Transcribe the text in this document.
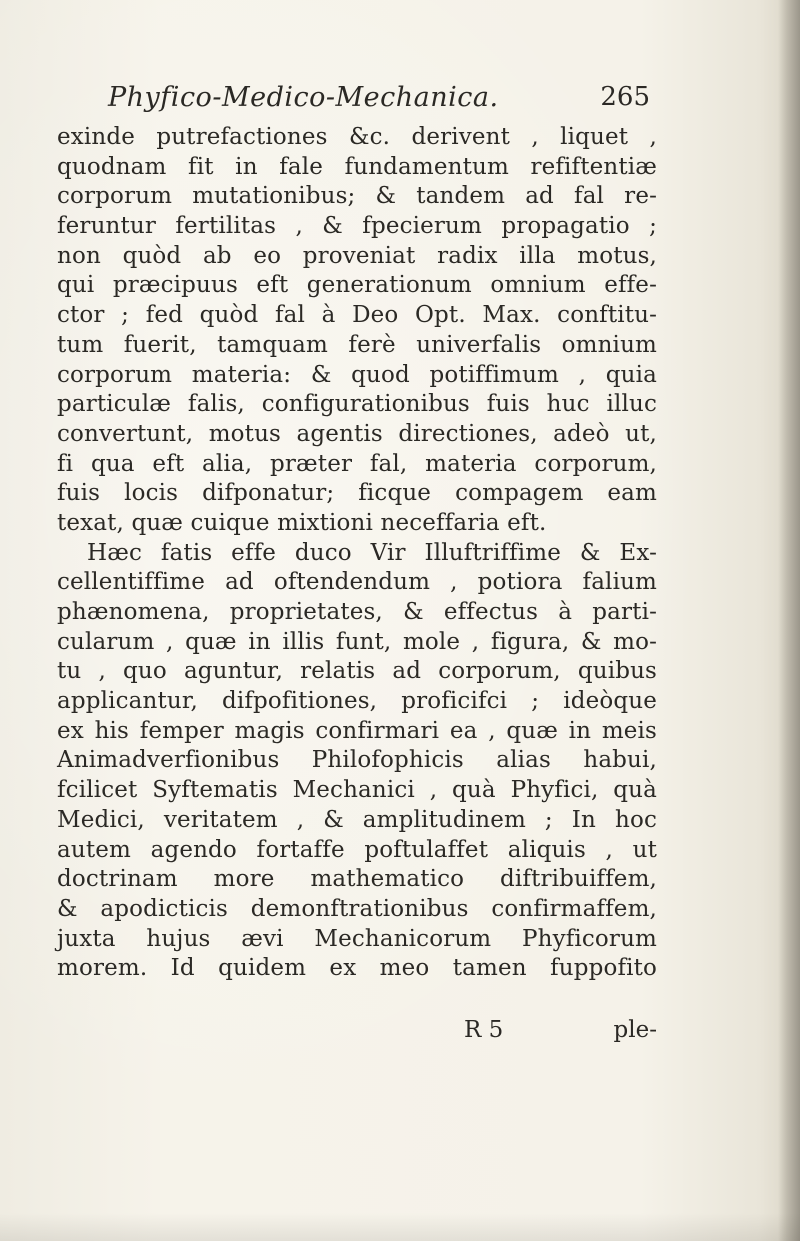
Phyfico-Medico-Mechanica.	265
exinde putrefactiones &c. derivent , liquet ,
quodnam fit in fale fundamentum refiftentiæ
corporum mutationibus; & tandem ad fal re-
feruntur fertilitas , & fpecierum propagatio ;
non quòd ab eo proveniat radix illa motus,
qui præcipuus eft generationum omnium effe-
ctor ; fed quòd fal à Deo Opt. Max. conftitu-
tum fuerit, tamquam ferè univerfalis omnium
corporum materia: & quod potiffimum , quia
particulæ falis, configurationibus fuis huc illuc
convertunt, motus agentis directiones, adeò ut,
fi qua eft alia, præter fal, materia corporum,
fuis locis difponatur; ficque compagem eam
texat, quæ cuique mixtioni neceffaria eft.
Hæc fatis effe duco Vir Illuftriffime & Ex-
cellentiffime ad oftendendum , potiora falium
phænomena, proprietates, & effectus à parti-
cularum , quæ in illis funt, mole , figura, & mo-
tu , quo aguntur, relatis ad corporum, quibus
applicantur, difpofitiones, proficifci ; ideòque
ex his femper magis confirmari ea , quæ in meis
Animadverfionibus Philofophicis alias habui,
fcilicet Syftematis Mechanici , quà Phyfici, quà
Medici, veritatem , & amplitudinem ; In hoc
autem agendo fortaffe poftulaffet aliquis , ut
doctrinam more mathematico diftribuiffem,
& apodicticis demonftrationibus confirmaffem,
juxta hujus ævi Mechanicorum Phyficorum
morem. Id quidem ex meo tamen fuppofito
R 5	ple-
